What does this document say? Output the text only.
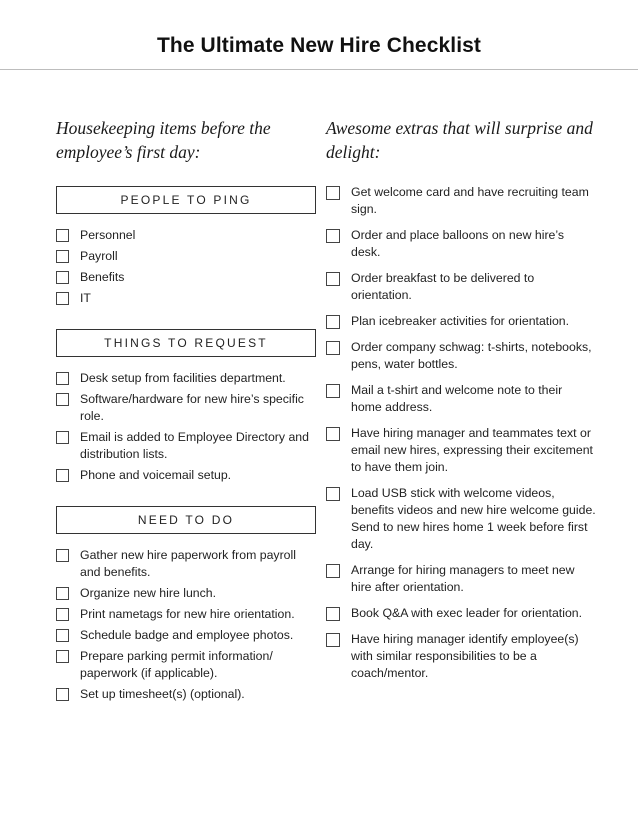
The Ultimate New Hire Checklist

Housekeeping items before the employee’s first day:

PEOPLE TO PING
Personnel
Payroll
Benefits
IT
THINGS TO REQUEST
Desk setup from facilities department.
Software/hardware for new hire’s specific role.
Email is added to Employee Directory and distribution lists.
Phone and voicemail setup.
NEED TO DO
Gather new hire paperwork from payroll and benefits.
Organize new hire lunch.
Print nametags for new hire orientation.
Schedule badge and employee photos.
Prepare parking permit information/ paperwork (if applicable).
Set up timesheet(s) (optional).

Awesome extras that will surprise and delight:

Get welcome card and have recruiting team sign.
Order and place balloons on new hire’s desk.
Order breakfast to be delivered to orientation.
Plan icebreaker activities for orientation.
Order company schwag: t-shirts, notebooks, pens, water bottles.
Mail a t-shirt and welcome note to their home address.
Have hiring manager and teammates text or email new hires, expressing their excitement to have them join.
Load USB stick with welcome videos, benefits videos and new hire welcome guide. Send to new hires home 1 week before first day.
Arrange for hiring managers to meet new hire after orientation.
Book Q&A with exec leader for orientation.
Have hiring manager identify employee(s) with similar responsibilities to be a coach/mentor.
